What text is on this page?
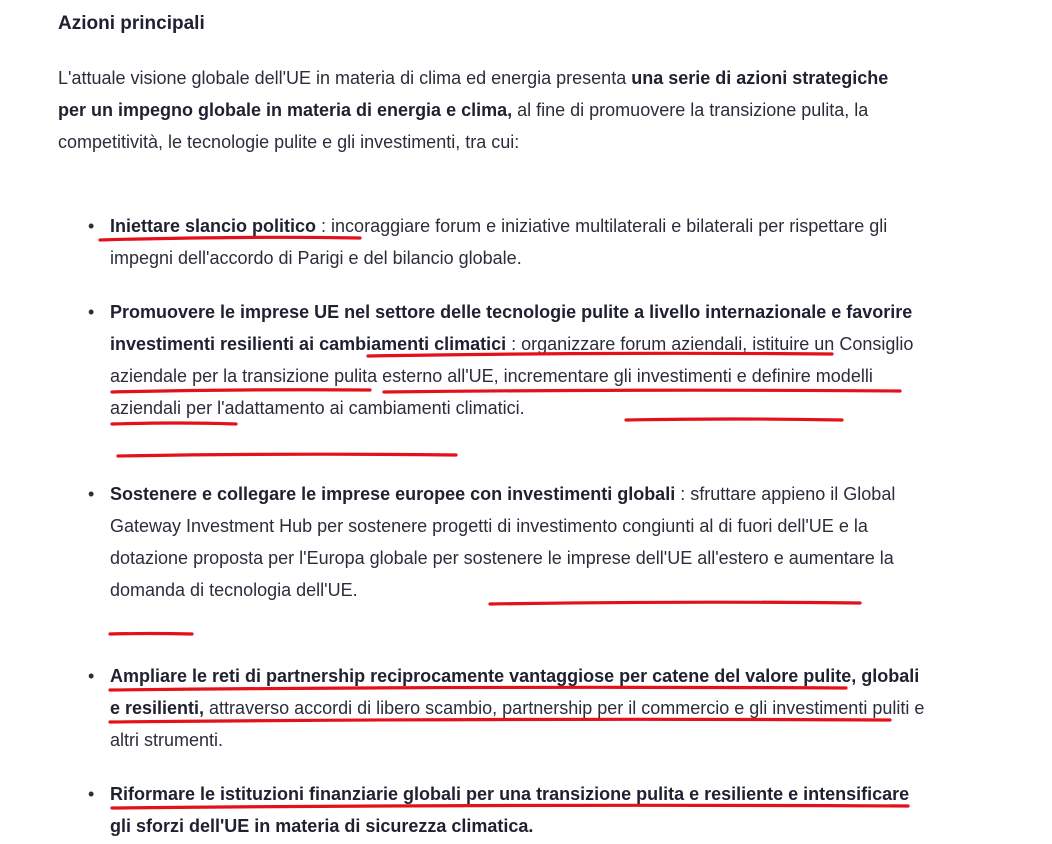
Azioni principali

L'attuale visione globale dell'UE in materia di clima ed energia presenta una serie di azioni strategiche per un impegno globale in materia di energia e clima, al fine di promuovere la transizione pulita, la competitività, le tecnologie pulite e gli investimenti, tra cui:

• Iniettare slancio politico : incoraggiare forum e iniziative multilaterali e bilaterali per rispettare gli impegni dell'accordo di Parigi e del bilancio globale.
• Promuovere le imprese UE nel settore delle tecnologie pulite a livello internazionale e favorire investimenti resilienti ai cambiamenti climatici : organizzare forum aziendali, istituire un Consiglio aziendale per la transizione pulita esterno all'UE, incrementare gli investimenti e definire modelli aziendali per l'adattamento ai cambiamenti climatici.
• Sostenere e collegare le imprese europee con investimenti globali : sfruttare appieno il Global Gateway Investment Hub per sostenere progetti di investimento congiunti al di fuori dell'UE e la dotazione proposta per l'Europa globale per sostenere le imprese dell'UE all'estero e aumentare la domanda di tecnologia dell'UE.
• Ampliare le reti di partnership reciprocamente vantaggiose per catene del valore pulite, globali e resilienti, attraverso accordi di libero scambio, partnership per il commercio e gli investimenti puliti e altri strumenti.
• Riformare le istituzioni finanziarie globali per una transizione pulita e resiliente e intensificare gli sforzi dell'UE in materia di sicurezza climatica.
